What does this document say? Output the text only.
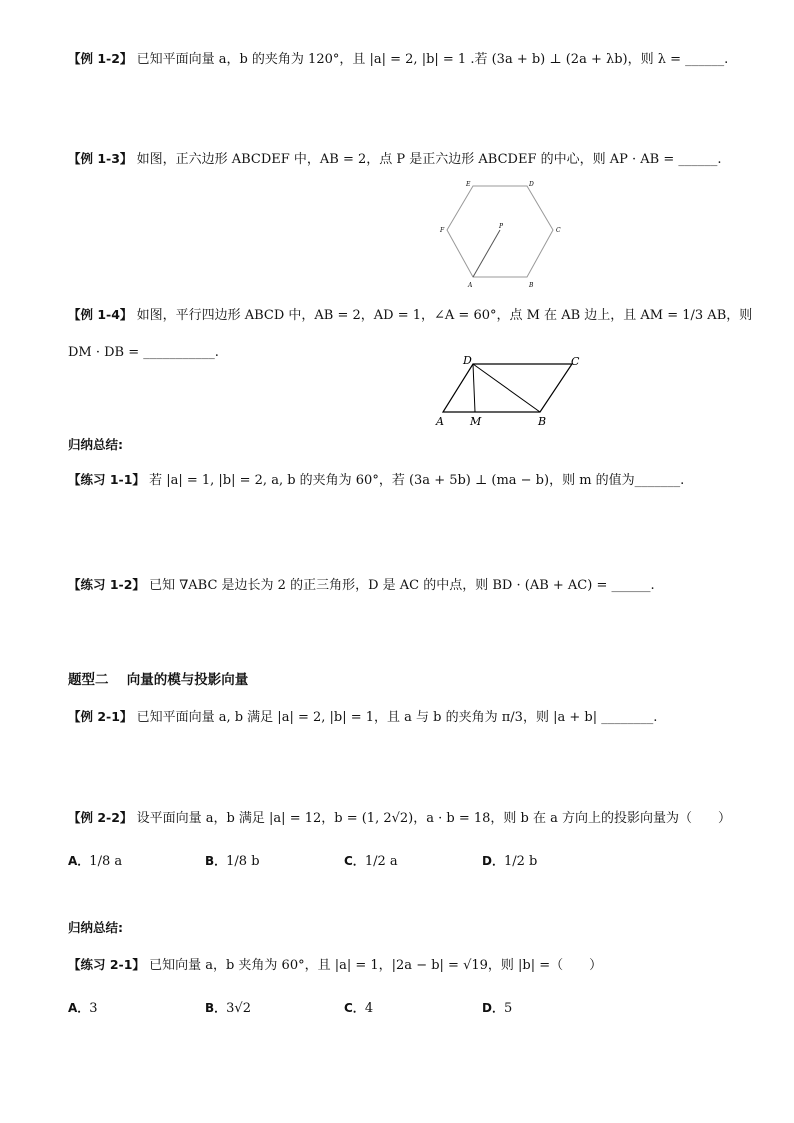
【例 1-2】 已知平面向量 a，b 的夹角为 120°，且 |a| = 2, |b| = 1 .若 (3a + b) ⊥ (2a + λb)，则 λ = ______.
【例 1-3】 如图，正六边形 ABCDEF 中，AB = 2，点 P 是正六边形 ABCDEF 的中心，则 AP · AB = ______.
A	B
C
D
E
F
P
【例 1-4】 如图，平行四边形 ABCD 中，AB = 2，AD = 1，∠A = 60°，点 M 在 AB 边上，且 AM = 1/3 AB，则
DM · DB = ___________.
A	B
C
D
M
归纳总结:
【练习 1-1】 若 |a| = 1, |b| = 2, a, b 的夹角为 60°，若 (3a + 5b) ⊥ (ma − b)，则 m 的值为_______.
【练习 1-2】 已知 ∇ABC 是边长为 2 的正三角形，D 是 AC 的中点，则 BD · (AB + AC) = ______.
题型二　 向量的模与投影向量
【例 2-1】 已知平面向量 a, b 满足 |a| = 2, |b| = 1，且 a 与 b 的夹角为 π/3，则 |a + b| ________.
【例 2-2】 设平面向量 a，b 满足 |a| = 12，b = (1, 2√2)，a · b = 18，则 b 在 a 方向上的投影向量为（　　）
A．1/8 a	B．1/8 b	C．1/2 a	D．1/2 b
归纳总结:
【练习 2-1】 已知向量 a，b 夹角为 60°，且 |a| = 1，|2a − b| = √19，则 |b| =（　　）
A．3	B．3√2	C．4	D．5
